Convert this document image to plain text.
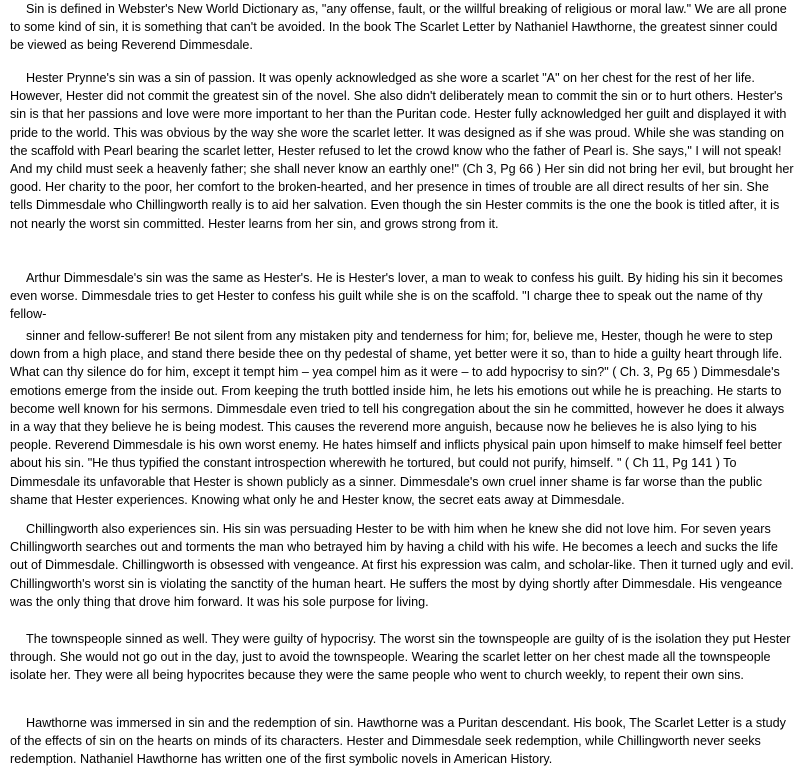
Sin is defined in Webster's New World Dictionary as, "any offense, fault, or the willful breaking of religious or moral law." We are all prone to some kind of sin, it is something that can't be avoided. In the book The Scarlet Letter by Nathaniel Hawthorne, the greatest sinner could be viewed as being Reverend Dimmesdale.

Hester Prynne's sin was a sin of passion. It was openly acknowledged as she wore a scarlet "A" on her chest for the rest of her life. However, Hester did not commit the greatest sin of the novel. She also didn't deliberately mean to commit the sin or to hurt others. Hester's sin is that her passions and love were more important to her than the Puritan code. Hester fully acknowledged her guilt and displayed it with pride to the world. This was obvious by the way she wore the scarlet letter. It was designed as if she was proud. While she was standing on the scaffold with Pearl bearing the scarlet letter, Hester refused to let the crowd know who the father of Pearl is. She says," I will not speak! And my child must seek a heavenly father; she shall never know an earthly one!" (Ch 3, Pg 66 ) Her sin did not bring her evil, but brought her good. Her charity to the poor, her comfort to the broken-hearted, and her presence in times of trouble are all direct results of her sin. She tells Dimmesdale who Chillingworth really is to aid her salvation. Even though the sin Hester commits is the one the book is titled after, it is not nearly the worst sin committed. Hester learns from her sin, and grows strong from it.

Arthur Dimmesdale's sin was the same as Hester's. He is Hester's lover, a man to weak to confess his guilt. By hiding his sin it becomes even worse. Dimmesdale tries to get Hester to confess his guilt while she is on the scaffold. "I charge thee to speak out the name of thy fellow-

sinner and fellow-sufferer! Be not silent from any mistaken pity and tenderness for him; for, believe me, Hester, though he were to step down from a high place, and stand there beside thee on thy pedestal of shame, yet better were it so, than to hide a guilty heart through life. What can thy silence do for him, except it tempt him – yea compel him as it were – to add hypocrisy to sin?" ( Ch. 3, Pg 65 ) Dimmesdale's emotions emerge from the inside out. From keeping the truth bottled inside him, he lets his emotions out while he is preaching. He starts to become well known for his sermons. Dimmesdale even tried to tell his congregation about the sin he committed, however he does it always in a way that they believe he is being modest. This causes the reverend more anguish, because now he believes he is also lying to his people. Reverend Dimmesdale is his own worst enemy. He hates himself and inflicts physical pain upon himself to make himself feel better about his sin. "He thus typified the constant introspection wherewith he tortured, but could not purify, himself. " ( Ch 11, Pg 141 ) To Dimmesdale its unfavorable that Hester is shown publicly as a sinner. Dimmesdale's own cruel inner shame is far worse than the public shame that Hester experiences. Knowing what only he and Hester know, the secret eats away at Dimmesdale.

Chillingworth also experiences sin. His sin was persuading Hester to be with him when he knew she did not love him. For seven years Chillingworth searches out and torments the man who betrayed him by having a child with his wife. He becomes a leech and sucks the life out of Dimmesdale. Chillingworth is obsessed with vengeance. At first his expression was calm, and scholar-like. Then it turned ugly and evil. Chillingworth's worst sin is violating the sanctity of the human heart. He suffers the most by dying shortly after Dimmesdale. His vengeance was the only thing that drove him forward. It was his sole purpose for living.

The townspeople sinned as well. They were guilty of hypocrisy. The worst sin the townspeople are guilty of is the isolation they put Hester through. She would not go out in the day, just to avoid the townspeople. Wearing the scarlet letter on her chest made all the townspeople isolate her. They were all being hypocrites because they were the same people who went to church weekly, to repent their own sins.

Hawthorne was immersed in sin and the redemption of sin. Hawthorne was a Puritan descendant. His book, The Scarlet Letter is a study of the effects of sin on the hearts on minds of its characters. Hester and Dimmesdale seek redemption, while Chillingworth never seeks redemption. Nathaniel Hawthorne has written one of the first symbolic novels in American History.
